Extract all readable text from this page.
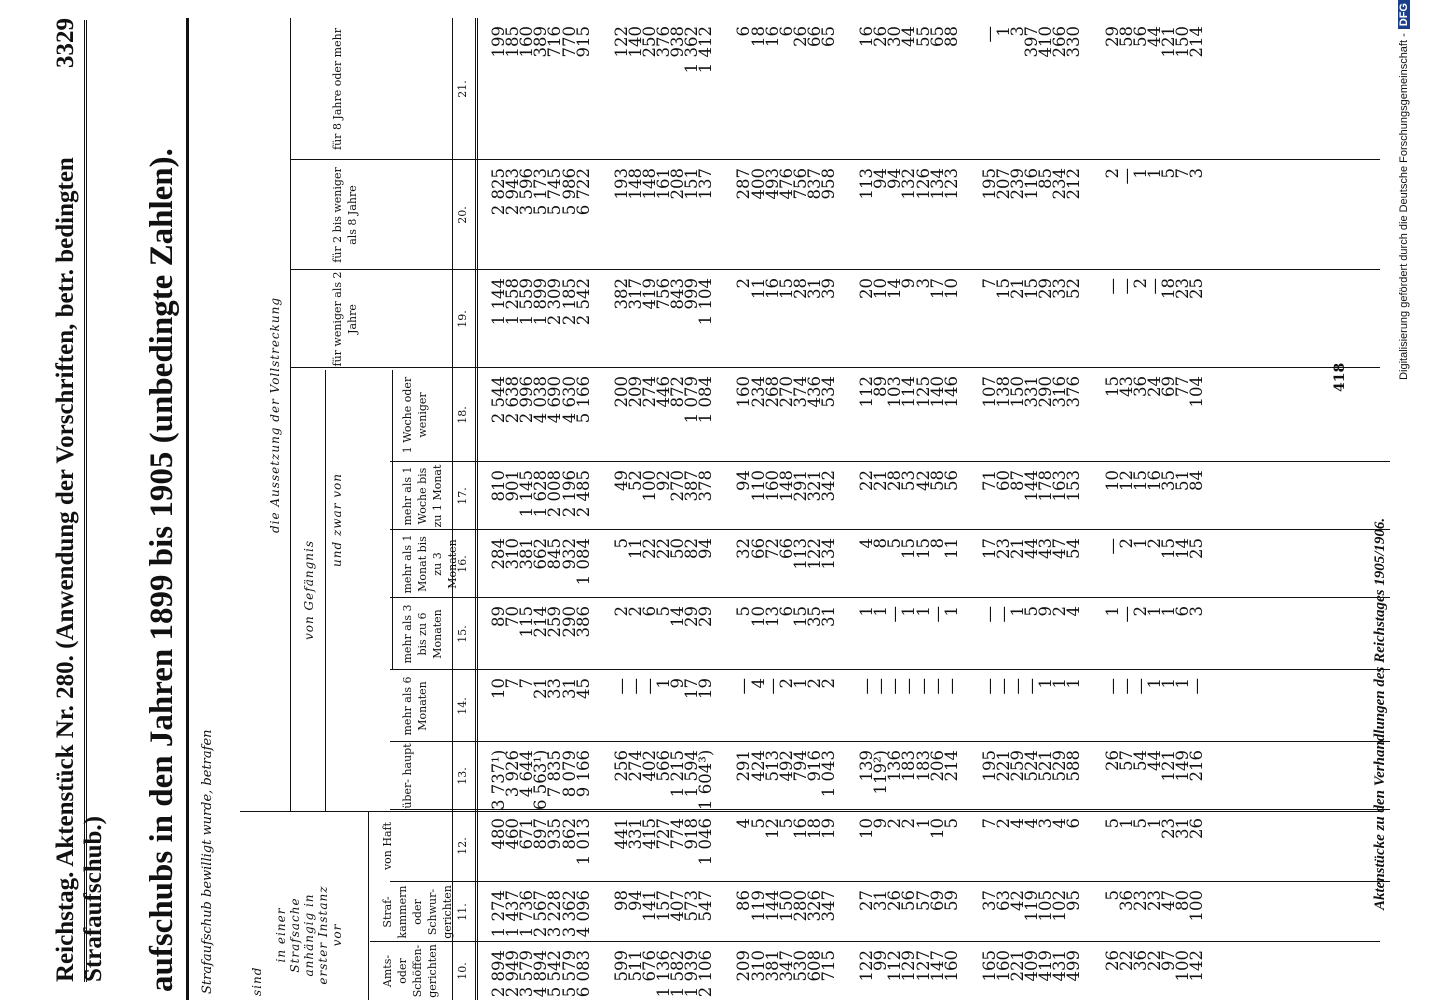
Reichstag. Aktenstück Nr. 280. (Anwendung der Vorschriften, betr. bedingten Strafaufschub.)
3329
aufschubs in den Jahren 1899 bis 1905 (unbedingte Zahlen). Strafaufschub bewilligt wurde, betrafen	sind
in einer Strafsache anhängig in erster Instanz vor
die Aussetzung der Vollstreckung
von Gefängnis
und zwar von
Amts- oder Schöffen- gerichten
Straf- kammern oder Schwur- gerichten
von Haft
über- haupt
mehr als 6 Monaten
mehr als 3 bis zu 6 Monaten
mehr als 1 Monat bis zu 3 Monaten
mehr als 1 Woche bis zu 1 Monat
1 Woche oder weniger
für weniger als 2 Jahre
für 2 bis weniger als 8 Jahre
für 8 Jahre oder mehr
10.
11.
12.
13.
14.
15.
16.
17.
18.
19.
20.
21.
2 894
1 274
480
3 737¹)
10
89
284
810
2 544
1 144
2 825
199
2 949
1 437
460
3 926
7
70
310
901
2 638
1 258
2 943
185
3 579
1 736
671
4 644
7
115
381
1 145
2 996
1 559
3 596
160
4 894
2 567
897
6 563¹)
21
214
662
1 628
4 038
1 899
5 173
389
5 542
3 228
935
7 835
33
259
845
2 008
4 690
2 309
5 745
716
5 579
3 362
862
8 079
31
290
932
2 196
4 630
2 185
5 986
770
6 083
4 096
1 013
9 166
45
386
1 084
2 485
5 166
2 542
6 722
915
599
98
441
256
—
2
5
49
200
382
193
122
511
94
331
274
—
2
11
52
209
317
148
140
676
141
415
402
—
6
22
100
274
419
148
250
1 136
157
727
566
1
5
22
92
446
756
161
376
1 582
407
774
1 215
9
14
50
270
872
843
208
938
1 939
573
918
1 594
17
29
82
387
1 079
999
151
1 362
2 106
547
1 046
1 604³)
19
29
94
378
1 084
1 104
137
1 412
209
86
4
291
—
5
32
94
160
2
287
6
310
119
5
424
4
10
66
110
234
11
400
18
381
144
12
513
—
13
72
160
268
16
493
16
347
150
5
492
2
6
66
148
270
15
476
6
530
280
16
794
1
15
113
291
374
28
756
26
608
326
18
916
2
35
122
321
436
31
837
66
715
347
19
1 043
2
31
134
342
534
39
958
65
122
27
10
139
—
1
4
22
112
20
113
16
99
31
9
119²)
—
1
8
21
89
10
94
26
112
26
2
136
—
—
5
28
103
14
94
30
129
56
2
183
—
1
15
53
114
9
132
44
127
57
1
183
—
1
15
42
125
3
126
55
147
69
10
206
—
—
8
58
140
17
134
65
160
59
5
214
—
1
11
56
146
10
123
88
165
37
7
195
—
—
17
71
107
7
195
—
160
63
2
221
—
—
23
60
138
15
207
1
221
42
4
259
—
1
21
87
150
21
239
3
409
119
4
524
—
5
44
144
331
15
116
397
419
105
3
521
1
9
43
178
290
29
85
410
431
102
4
529
1
2
47
163
316
33
234
266
499
95
6
588
1
4
54
153
376
52
212
330
26
5
5
26
—
1
—
10
15
—
2
29
22
36
1
57
—
—
2
12
43
—
—
58
36
23
5
54
—
2
1
15
36
2
1
56
22
23
1
44
1
1
2
16
24
—
1
44
97
47
23
121
1
1
15
35
69
18
5
121
100
80
31
149
1
6
14
51
77
23
7
150
142
100
26
216
—
3
25
84
104
25
3
214
418
Aktenstücke zu den Verhandlungen des Reichstages 1905/1906.
Digitalisierung gefördert durch die Deutsche Forschungsgemeinschaft -DFG
